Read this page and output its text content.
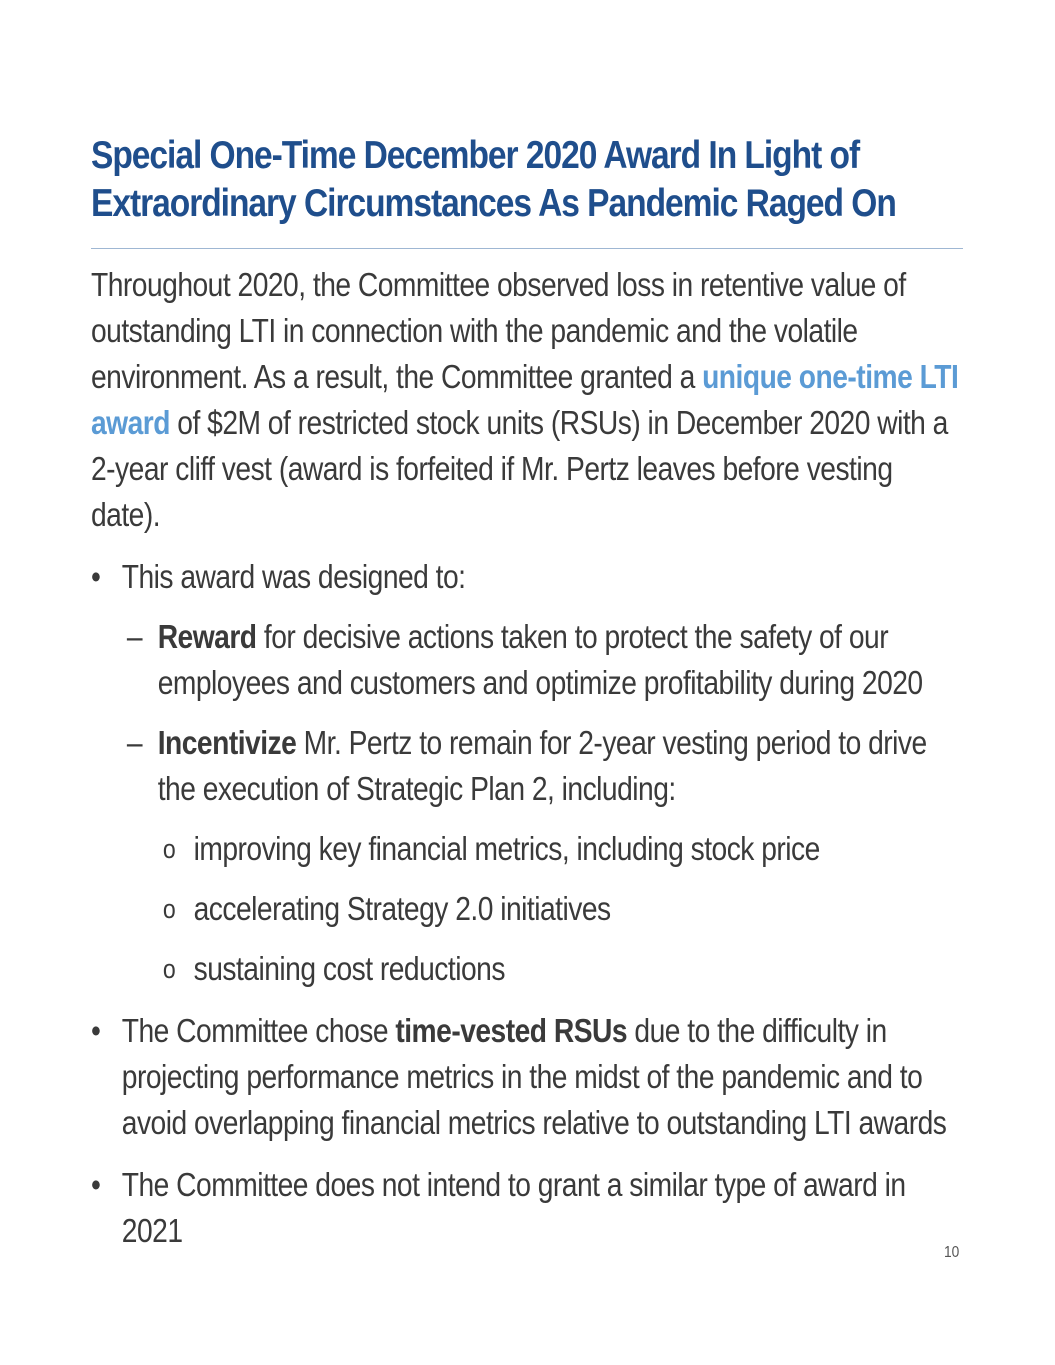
Special One-Time December 2020 Award In Light of
Extraordinary Circumstances As Pandemic Raged On

Throughout 2020, the Committee observed loss in retentive value of outstanding LTI in connection with the pandemic and the volatile environment. As a result, the Committee granted a unique one-time LTI award of $2M of restricted stock units (RSUs) in December 2020 with a 2-year cliff vest (award is forfeited if Mr. Pertz leaves before vesting date).

• This award was designed to:
– Reward for decisive actions taken to protect the safety of our employees and customers and optimize profitability during 2020
– Incentivize Mr. Pertz to remain for 2-year vesting period to drive the execution of Strategic Plan 2, including:
o improving key financial metrics, including stock price
o accelerating Strategy 2.0 initiatives
o sustaining cost reductions
• The Committee chose time-vested RSUs due to the difficulty in projecting performance metrics in the midst of the pandemic and to avoid overlapping financial metrics relative to outstanding LTI awards
• The Committee does not intend to grant a similar type of award in 2021
10
